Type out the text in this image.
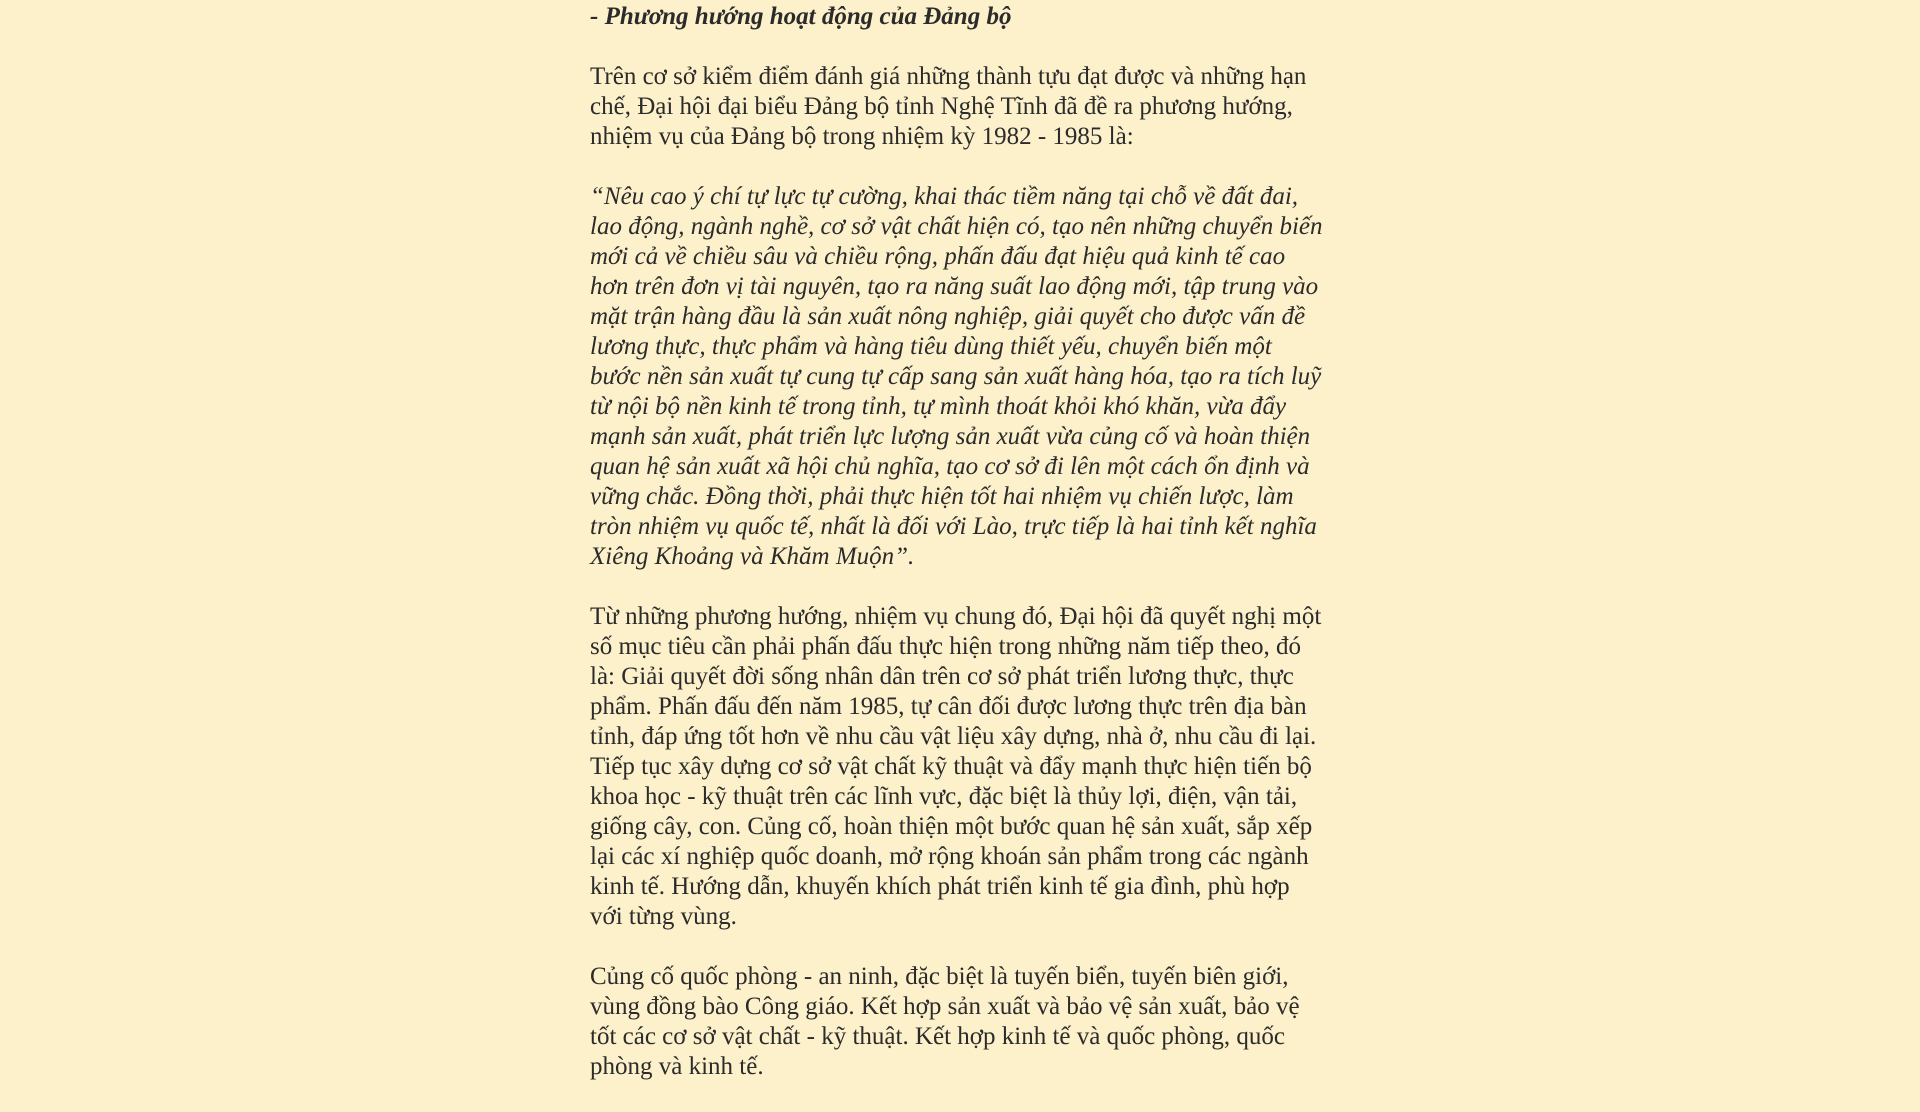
- Phương hướng hoạt động của Đảng bộ
Trên cơ sở kiểm điểm đánh giá những thành tựu đạt được và những hạn
chế, Đại hội đại biểu Đảng bộ tỉnh Nghệ Tĩnh đã đề ra phương hướng,
nhiệm vụ của Đảng bộ trong nhiệm kỳ 1982 - 1985 là:
“Nêu cao ý chí tự lực tự cường, khai thác tiềm năng tại chỗ về đất đai,
lao động, ngành nghề, cơ sở vật chất hiện có, tạo nên những chuyển biến
mới cả về chiều sâu và chiều rộng, phấn đấu đạt hiệu quả kinh tế cao
hơn trên đơn vị tài nguyên, tạo ra năng suất lao động mới, tập trung vào
mặt trận hàng đầu là sản xuất nông nghiệp, giải quyết cho được vấn đề
lương thực, thực phẩm và hàng tiêu dùng thiết yếu, chuyển biến một
bước nền sản xuất tự cung tự cấp sang sản xuất hàng hóa, tạo ra tích luỹ
từ nội bộ nền kinh tế trong tỉnh, tự mình thoát khỏi khó khăn, vừa đẩy
mạnh sản xuất, phát triển lực lượng sản xuất vừa củng cố và hoàn thiện
quan hệ sản xuất xã hội chủ nghĩa, tạo cơ sở đi lên một cách ổn định và
vững chắc. Đồng thời, phải thực hiện tốt hai nhiệm vụ chiến lược, làm
tròn nhiệm vụ quốc tế, nhất là đối với Lào, trực tiếp là hai tỉnh kết nghĩa
Xiêng Khoảng và Khăm Muộn”.
Từ những phương hướng, nhiệm vụ chung đó, Đại hội đã quyết nghị một
số mục tiêu cần phải phấn đấu thực hiện trong những năm tiếp theo, đó
là: Giải quyết đời sống nhân dân trên cơ sở phát triển lương thực, thực
phẩm. Phấn đấu đến năm 1985, tự cân đối được lương thực trên địa bàn
tỉnh, đáp ứng tốt hơn về nhu cầu vật liệu xây dựng, nhà ở, nhu cầu đi lại.
Tiếp tục xây dựng cơ sở vật chất kỹ thuật và đẩy mạnh thực hiện tiến bộ
khoa học - kỹ thuật trên các lĩnh vực, đặc biệt là thủy lợi, điện, vận tải,
giống cây, con. Củng cố, hoàn thiện một bước quan hệ sản xuất, sắp xếp
lại các xí nghiệp quốc doanh, mở rộng khoán sản phẩm trong các ngành
kinh tế. Hướng dẫn, khuyến khích phát triển kinh tế gia đình, phù hợp
với từng vùng.
Củng cố quốc phòng - an ninh, đặc biệt là tuyến biển, tuyến biên giới,
vùng đồng bào Công giáo. Kết hợp sản xuất và bảo vệ sản xuất, bảo vệ
tốt các cơ sở vật chất - kỹ thuật. Kết hợp kinh tế và quốc phòng, quốc
phòng và kinh tế.
